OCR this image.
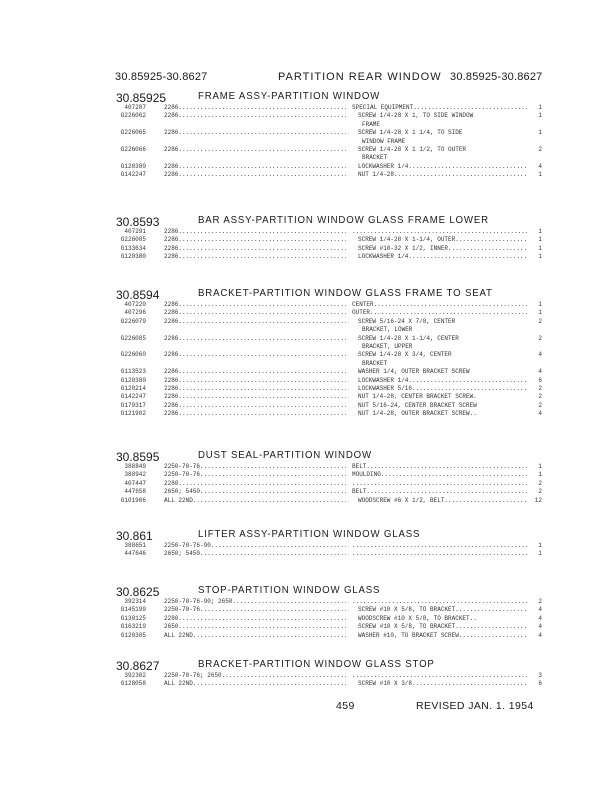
30.85925-30.8627	PARTITION REAR WINDOW 30.85925-30.8627
30.85925	FRAME ASSY-PARTITION WINDOW
407287	2286 .....	SPECIAL EQUIPMENT .....	1
G226062	2286 .....	SCREW 1/4-28 X 1, TO SIDE WINDOW	1
FRAME
G226065	2286 .....	SCREW 1/4-28 X 1 1/4, TO SIDE	1
WINDOW FRAME
G226066	2286 .....	SCREW 1/4-28 X 1 1/2, TO OUTER	2
BRACKET
G120380	2286 .....	LOCKWASHER 1/4 .....	4
G142247	2286 .....	NUT 1/4-28 .....	1
30.8593	BAR ASSY-PARTITION WINDOW GLASS FRAME LOWER
407291	2286 ..... .....	1
G226085	2286 .....	SCREW 1/4-28 X 1-1/4, OUTER .....	1
G133634	2286 .....	SCREW #10-32 X 1/2, INNER .....	1
G120380	2286 .....	LOCKWASHER 1/4 .....	1
30.8594	BRACKET-PARTITION WINDOW GLASS FRAME TO SEAT
407220	2286 .....	CENTER .....	1
407296	2286 .....	OUTER .....	1
G226079	2286 .....	SCREW 5/16-24 X 7/8, CENTER	2
BRACKET, LOWER
G226085	2286 .....	SCREW 1/4-28 X 1-1/4, CENTER	2
BRACKET, UPPER
G226060	2286 .....	SCREW 1/4-28 X 3/4, CENTER	4
BRACKET
G113523	2286 .....	WASHER 1/4, OUTER BRACKET SCREW	4
G120380	2286 .....	LOCKWASHER 1/4 .....	6
G120214	2286 .....	LOCKWASHER 5/16 .....	2
G142247	2286 .....	NUT 1/4-28, CENTER BRACKET SCREW.	2
G179317	2286 .....	NUT 5/16-24, CENTER BRACKET SCREW	2
G121902	2286 .....	NUT 1/4-28, OUTER BRACKET SCREW..	4
30.8595	DUST SEAL-PARTITION WINDOW
388849	2250-70-76 .....	BELT .....	1
388942	2250-70-76 .....	MOULDING .....	1
407447	2280 ..... .....	2
447658	2650; 5450 .....	BELT .....	2
G101906	ALL 22ND .....	WOODSCREW #6 X 1/2, BELT .....	12
30.861	LIFTER ASSY-PARTITION WINDOW GLASS
388651	2250-70-76-90 ..... .....	1
447646	2650; 5450 ..... .....	1
30.8625	STOP-PARTITION WINDOW GLASS
392314	2250-70-76-90; 2650 ..... .....	2
G145199	2250-70-76 .....	SCREW #10 X 5/8, TO BRACKET .....	4
G130125	2280 .....	WOODSCREW #10 X 5/8, TO BRACKET..	4
G163219	2650 .....	SCREW #10 X 5/8, TO BRACKET .....	4
G120385	ALL 22ND .....	WASHER #10, TO BRACKET SCREW .....	4
30.8627	BRACKET-PARTITION WINDOW GLASS STOP
392302	2250-70-76; 2650 ..... .....	3
G128058	ALL 22ND .....	SCREW #10 X 3/8 .....	6
459	REVISED JAN. 1. 1954
